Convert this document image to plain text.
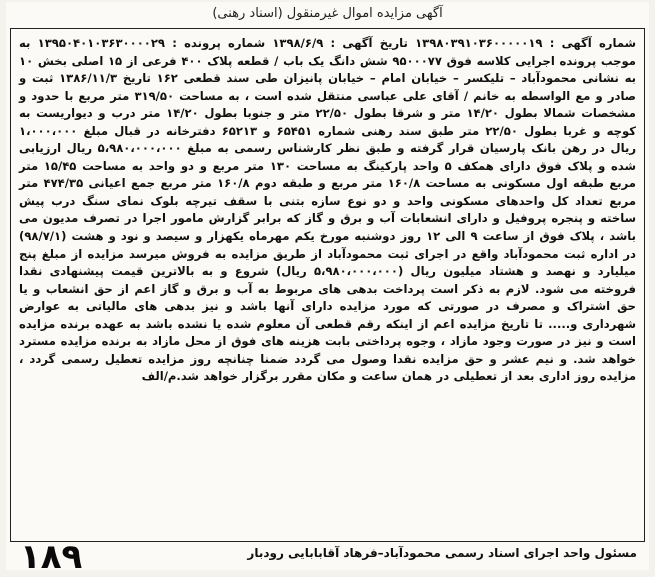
آگهی مزایده اموال غیرمنقول (اسناد رهنی)

شماره آگهی : ۱۳۹۸۰۳۹۱۰۳۶۰۰۰۰۰۱۹ تاریخ آگهی : ۱۳۹۸/۶/۹ شماره پرونده : ۱۳۹۵۰۴۰۱۰۳۶۳۰۰۰۰۲۹ به موجب پرونده اجرایی کلاسه فوق ۹۵۰۰۰۷۷ شش دانگ یک باب / قطعه پلاک ۴۰۰ فرعی از ۱۵ اصلی بخش ۱۰ به نشانی محمودآباد – تلیکسر – خیابان امام – خیابان پانیزان طی سند قطعی ۱۶۲ تاریخ ۱۳۸۶/۱۱/۳ ثبت و صادر و مع الواسطه به خانم / آقای علی عباسی منتقل شده است ، به مساحت ۳۱۹/۵۰ متر مربع با حدود و مشخصات شمالا بطول ۱۴/۲۰ متر و شرقا بطول ۲۲/۵۰ متر و جنوبا بطول ۱۴/۲۰ متر درب و دیواریست به کوچه و غربا بطول ۲۲/۵۰ متر طبق سند رهنی شماره ۶۵۴۵۱ و ۶۵۲۱۳ دفترخانه در قبال مبلغ ۱،۰۰۰،۰۰۰ ریال در رهن بانک پارسیان قرار گرفته و طبق نظر کارشناس رسمی به مبلغ ۵،۹۸۰،۰۰۰،۰۰۰ ریال ارزیابی شده و پلاک فوق دارای همکف ۵ واحد پارکینگ به مساحت ۱۳۰ متر مربع و دو واحد به مساحت ۱۵/۴۵ متر مربع طبقه اول مسکونی به مساحت ۱۶۰/۸ متر مربع و طبقه دوم ۱۶۰/۸ متر مربع جمع اعیانی ۴۷۴/۳۵ متر مربع تعداد کل واحدهای مسکونی واحد و دو نوع سازه بتنی با سقف تیرچه بلوک نمای سنگ درب پیش ساخته و پنجره پروفیل و دارای انشعابات آب و برق و گاز که برابر گزارش مامور اجرا در تصرف مدیون می باشد ، پلاک فوق از ساعت ۹ الی ۱۲ روز دوشنبه مورخ یکم مهرماه یکهزار و سیصد و نود و هشت (۹۸/۷/۱) در اداره ثبت محمودآباد واقع در اجرای ثبت محمودآباد از طریق مزایده به فروش میرسد مزایده از مبلغ پنج میلیارد و نهصد و هشتاد میلیون ریال (۵،۹۸۰،۰۰۰،۰۰۰ ریال) شروع و به بالاترین قیمت پیشنهادی نقدا فروخته می شود. لازم به ذکر است پرداخت بدهی های مربوط به آب و برق و گاز اعم از حق انشعاب و یا حق اشتراک و مصرف در صورتی که مورد مزایده دارای آنها باشد و نیز بدهی های مالیاتی به عوارض شهرداری و..... تا تاریخ مزایده اعم از اینکه رقم قطعی آن معلوم شده یا نشده باشد به عهده برنده مزایده است و نیز در صورت وجود مازاد ، وجوه پرداختی بابت هزینه های فوق از محل مازاد به برنده مزایده مسترد خواهد شد. و نیم عشر و حق مزایده نقدا وصول می گردد ضمنا چنانچه روز مزایده تعطیل رسمی گردد ، مزایده روز اداری بعد از تعطیلی در همان ساعت و مکان مقرر برگزار خواهد شد.م/الف

مسئول واحد اجرای اسناد رسمی محمودآباد–فرهاد آقابابایی رودبار
۱۸۹
